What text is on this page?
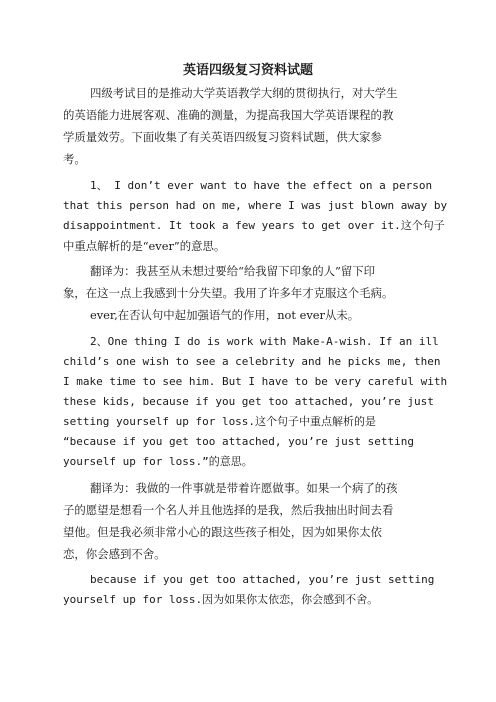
英语四级复习资料试题
四级考试目的是推动大学英语教学大纲的贯彻执行，对大学生
的英语能力进展客观、准确的测量，为提高我国大学英语课程的教
学质量效劳。下面收集了有关英语四级复习资料试题，供大家参
考。
1、 I don’t ever want to have the effect on a person
that this person had on me, where I was just blown away by
disappointment. It took a few years to get over it.这个句子
中重点解析的是“ever”的意思。
翻译为：我甚至从未想过要给“给我留下印象的人”留下印
象，在这一点上我感到十分失望。我用了许多年才克服这个毛病。
ever,在否认句中起加强语气的作用，not ever从未。
2、One thing I do is work with Make-A-wish. If an ill
child’s one wish to see a celebrity and he picks me, then
I make time to see him. But I have to be very careful with
these kids, because if you get too attached, you’re just
setting yourself up for loss.这个句子中重点解析的是
“because if you get too attached, you’re just setting
yourself up for loss.”的意思。
翻译为：我做的一件事就是带着许愿做事。如果一个病了的孩
子的愿望是想看一个名人并且他选择的是我，然后我抽出时间去看
望他。但是我必须非常小心的跟这些孩子相处，因为如果你太依
恋，你会感到不舍。
because if you get too attached, you’re just setting
yourself up for loss.因为如果你太依恋，你会感到不舍。
